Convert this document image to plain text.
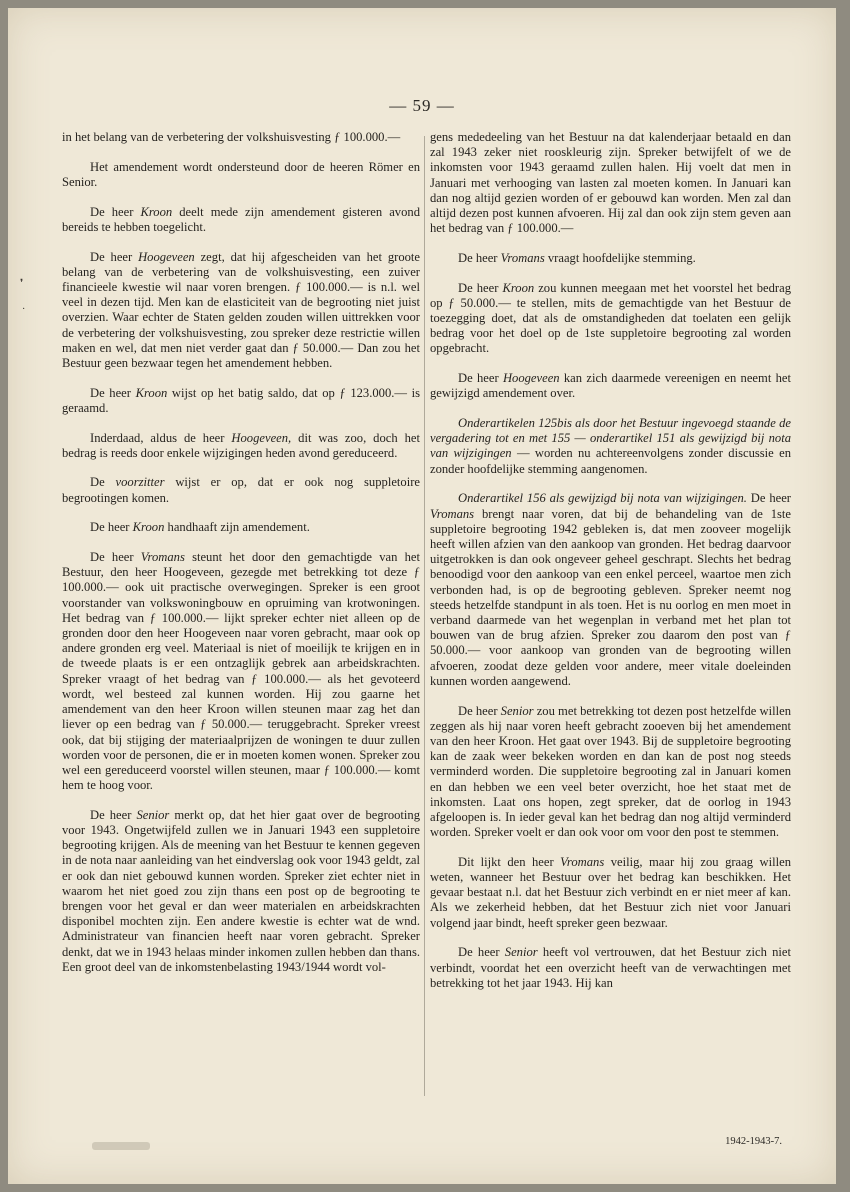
— 59 —

in het belang van de verbetering der volkshuisvesting ƒ 100.000.—

Het amendement wordt ondersteund door de heeren Römer en Senior.

De heer Kroon deelt mede zijn amendement gisteren avond bereids te hebben toegelicht.

De heer Hoogeveen zegt, dat hij afgescheiden van het groote belang van de verbetering van de volkshuisvesting, een zuiver financieele kwestie wil naar voren brengen. ƒ 100.000.— is n.l. wel veel in dezen tijd. Men kan de elasticiteit van de begrooting niet juist overzien. Waar echter de Staten gelden zouden willen uittrekken voor de verbetering der volkshuisvesting, zou spreker deze restrictie willen maken en wel, dat men niet verder gaat dan ƒ 50.000.— Dan zou het Bestuur geen bezwaar tegen het amendement hebben.

De heer Kroon wijst op het batig saldo, dat op ƒ 123.000.— is geraamd.

Inderdaad, aldus de heer Hoogeveen, dit was zoo, doch het bedrag is reeds door enkele wijzigingen heden avond gereduceerd.

De voorzitter wijst er op, dat er ook nog suppletoire begrootingen komen.

De heer Kroon handhaaft zijn amendement.

De heer Vromans steunt het door den gemachtigde van het Bestuur, den heer Hoogeveen, gezegde met betrekking tot deze ƒ 100.000.— ook uit practische overwegingen. Spreker is een groot voorstander van volkswoningbouw en opruiming van krotwoningen. Het bedrag van ƒ 100.000.— lijkt spreker echter niet alleen op de gronden door den heer Hoogeveen naar voren gebracht, maar ook op andere gronden erg veel. Materiaal is niet of moeilijk te krijgen en in de tweede plaats is er een ontzaglijk gebrek aan arbeidskrachten. Spreker vraagt of het bedrag van ƒ 100.000.— als het gevoteerd wordt, wel besteed zal kunnen worden. Hij zou gaarne het amendement van den heer Kroon willen steunen maar zag het dan liever op een bedrag van ƒ 50.000.— teruggebracht. Spreker vreest ook, dat bij stijging der materiaalprijzen de woningen te duur zullen worden voor de personen, die er in moeten komen wonen. Spreker zou wel een gereduceerd voorstel willen steunen, maar ƒ 100.000.— komt hem te hoog voor.

De heer Senior merkt op, dat het hier gaat over de begrooting voor 1943. Ongetwijfeld zullen we in Januari 1943 een suppletoire begrooting krijgen. Als de meening van het Bestuur te kennen gegeven in de nota naar aanleiding van het eindverslag ook voor 1943 geldt, zal er ook dan niet gebouwd kunnen worden. Spreker ziet echter niet in waarom het niet goed zou zijn thans een post op de begrooting te brengen voor het geval er dan weer materialen en arbeidskrachten disponibel mochten zijn. Een andere kwestie is echter wat de wnd. Administrateur van financien heeft naar voren gebracht. Spreker denkt, dat we in 1943 helaas minder inkomen zullen hebben dan thans. Een groot deel van de inkomstenbelasting 1943/1944 wordt vol-

gens mededeeling van het Bestuur na dat kalenderjaar betaald en dan zal 1943 zeker niet rooskleurig zijn. Spreker betwijfelt of we de inkomsten voor 1943 geraamd zullen halen. Hij voelt dat men in Januari met verhooging van lasten zal moeten komen. In Januari kan dan nog altijd gezien worden of er gebouwd kan worden. Men zal dan altijd dezen post kunnen afvoeren. Hij zal dan ook zijn stem geven aan het bedrag van ƒ 100.000.—

De heer Vromans vraagt hoofdelijke stemming.

De heer Kroon zou kunnen meegaan met het voorstel het bedrag op ƒ 50.000.— te stellen, mits de gemachtigde van het Bestuur de toezegging doet, dat als de omstandigheden dat toelaten een gelijk bedrag voor het doel op de 1ste suppletoire begrooting zal worden opgebracht.

De heer Hoogeveen kan zich daarmede vereenigen en neemt het gewijzigd amendement over.

Onderartikelen 125bis als door het Bestuur ingevoegd staande de vergadering tot en met 155 — onderartikel 151 als gewijzigd bij nota van wijzigingen — worden nu achtereenvolgens zonder discussie en zonder hoofdelijke stemming aangenomen.

Onderartikel 156 als gewijzigd bij nota van wijzigingen. De heer Vromans brengt naar voren, dat bij de behandeling van de 1ste suppletoire begrooting 1942 gebleken is, dat men zooveer mogelijk heeft willen afzien van den aankoop van gronden. Het bedrag daarvoor uitgetrokken is dan ook ongeveer geheel geschrapt. Slechts het bedrag benoodigd voor den aankoop van een enkel perceel, waartoe men zich verbonden had, is op de begrooting gebleven. Spreker neemt nog steeds hetzelfde standpunt in als toen. Het is nu oorlog en men moet in verband daarmede van het wegenplan in verband met het plan tot bouwen van de brug afzien. Spreker zou daarom den post van ƒ 50.000.— voor aankoop van gronden van de begrooting willen afvoeren, zoodat deze gelden voor andere, meer vitale doeleinden kunnen worden aangewend.

De heer Senior zou met betrekking tot dezen post hetzelfde willen zeggen als hij naar voren heeft gebracht zooeven bij het amendement van den heer Kroon. Het gaat over 1943. Bij de suppletoire begrooting kan de zaak weer bekeken worden en dan kan de post nog steeds verminderd worden. Die suppletoire begrooting zal in Januari komen en dan hebben we een veel beter overzicht, hoe het staat met de inkomsten. Laat ons hopen, zegt spreker, dat de oorlog in 1943 afgeloopen is. In ieder geval kan het bedrag dan nog altijd verminderd worden. Spreker voelt er dan ook voor om voor den post te stemmen.

Dit lijkt den heer Vromans veilig, maar hij zou graag willen weten, wanneer het Bestuur over het bedrag kan beschikken. Het gevaar bestaat n.l. dat het Bestuur zich verbindt en er niet meer af kan. Als we zekerheid hebben, dat het Bestuur zich niet voor Januari volgend jaar bindt, heeft spreker geen bezwaar.

De heer Senior heeft vol vertrouwen, dat het Bestuur zich niet verbindt, voordat het een overzicht heeft van de verwachtingen met betrekking tot het jaar 1943. Hij kan

❜
·
1942-1943-7.
